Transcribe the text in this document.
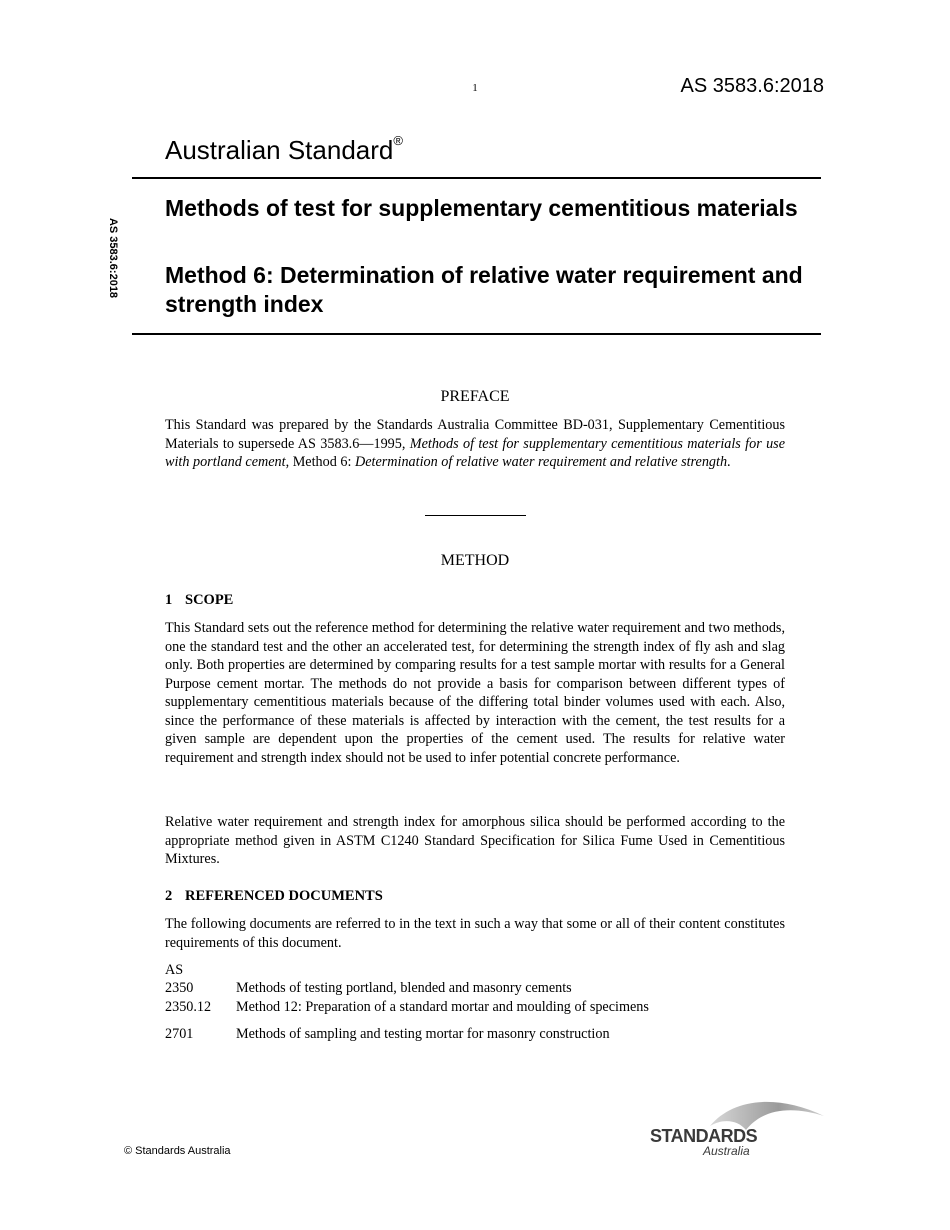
1	AS 3583.6:2018
Australian Standard®
AS 3583.6:2018
Methods of test for supplementary cementitious materials
Method 6: Determination of relative water requirement and strength index
PREFACE

This Standard was prepared by the Standards Australia Committee BD-031, Supplementary Cementitious Materials to supersede AS 3583.6—1995, Methods of test for supplementary cementitious materials for use with portland cement, Method 6: Determination of relative water requirement and relative strength.

METHOD
1 SCOPE

This Standard sets out the reference method for determining the relative water requirement and two methods, one the standard test and the other an accelerated test, for determining the strength index of fly ash and slag only. Both properties are determined by comparing results for a test sample mortar with results for a General Purpose cement mortar. The methods do not provide a basis for comparison between different types of supplementary cementitious materials because of the differing total binder volumes used with each. Also, since the performance of these materials is affected by interaction with the cement, the test results for a given sample are dependent upon the properties of the cement used. The results for relative water requirement and strength index should not be used to infer potential concrete performance.

Relative water requirement and strength index for amorphous silica should be performed according to the appropriate method given in ASTM C1240 Standard Specification for Silica Fume Used in Cementitious Mixtures.

2 REFERENCED DOCUMENTS

The following documents are referred to in the text in such a way that some or all of their content constitutes requirements of this document.

AS
2350	Methods of testing portland, blended and masonry cements
2350.12 Method 12: Preparation of a standard mortar and moulding of specimens
2701	Methods of sampling and testing mortar for masonry construction
© Standards Australia
STANDARDS
Australia
